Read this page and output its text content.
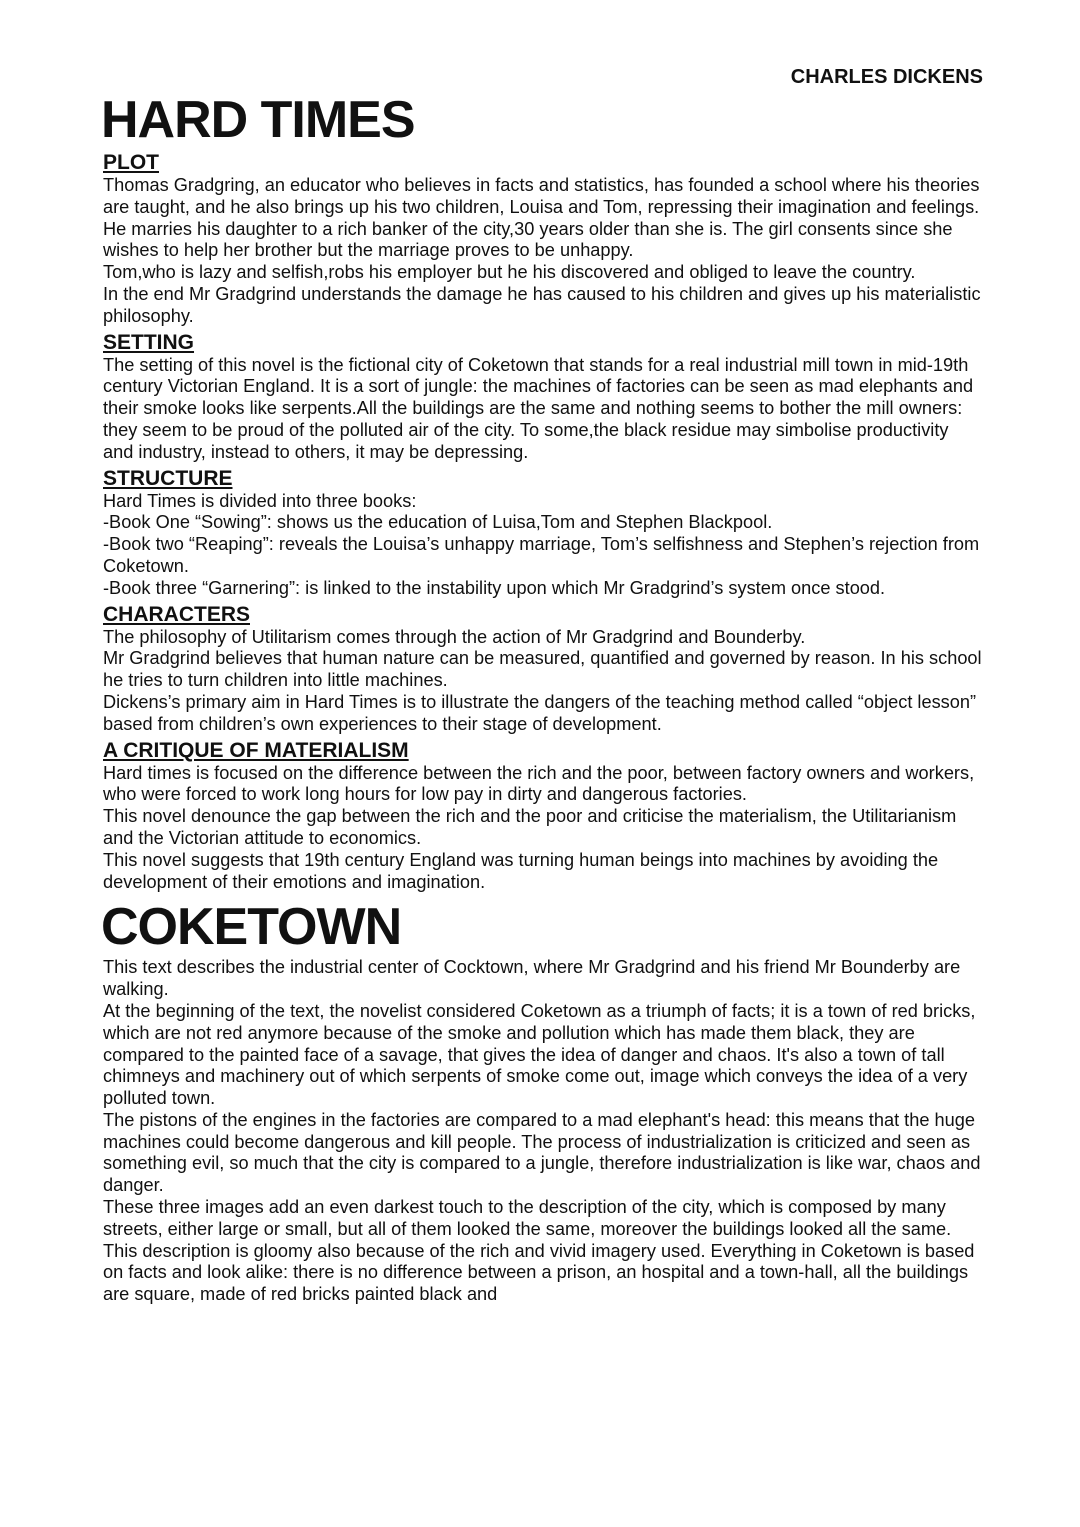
CHARLES DICKENS

HARD TIMES
PLOT

Thomas Gradgring, an educator who believes in facts and statistics, has founded a school where his theories are taught, and he also brings up his two children, Louisa and Tom, repressing their imagination and feelings. He marries his daughter to a rich banker of the city,30 years older than she is. The girl consents since she wishes to help her brother but the marriage proves to be unhappy.

Tom,who is lazy and selfish,robs his employer but he his discovered and obliged to leave the country.

In the end Mr Gradgrind understands the damage he has caused to his children and gives up his materialistic philosophy.

SETTING

The setting of this novel is the fictional city of Coketown that stands for a real industrial mill town in mid-19th century Victorian England. It is a sort of jungle: the machines of factories can be seen as mad elephants and their smoke looks like serpents.All the buildings are the same and nothing seems to bother the mill owners: they seem to be proud of the polluted air of the city. To some,the black residue may simbolise productivity and industry, instead to others, it may be depressing.

STRUCTURE

Hard Times is divided into three books:

-Book One “Sowing”: shows us the education of Luisa,Tom and Stephen Blackpool.

-Book two “Reaping”: reveals the Louisa’s unhappy marriage, Tom’s selfishness and Stephen’s rejection from Coketown.

-Book three “Garnering”: is linked to the instability upon which Mr Gradgrind’s system once stood.

CHARACTERS

The philosophy of Utilitarism comes through the action of Mr Gradgrind and Bounderby.

Mr Gradgrind believes that human nature can be measured, quantified and governed by reason. In his school he tries to turn children into little machines.

Dickens’s primary aim in Hard Times is to illustrate the dangers of the teaching method called “object lesson” based from children’s own experiences to their stage of development.

A CRITIQUE OF MATERIALISM

Hard times is focused on the difference between the rich and the poor, between factory owners and workers, who were forced to work long hours for low pay in dirty and dangerous factories.

This novel denounce the gap between the rich and the poor and criticise the materialism, the Utilitarianism and the Victorian attitude to economics.

This novel suggests that 19th century England was turning human beings into machines by avoiding the development of their emotions and imagination.

COKETOWN

This text describes the industrial center of Cocktown, where Mr Gradgrind and his friend Mr Bounderby are walking.

At the beginning of the text, the novelist considered Coketown as a triumph of facts; it is a town of red bricks, which are not red anymore because of the smoke and pollution which has made them black, they are compared to the painted face of a savage, that gives the idea of danger and chaos. It's also a town of tall chimneys and machinery out of which serpents of smoke come out, image which conveys the idea of a very polluted town.

The pistons of the engines in the factories are compared to a mad elephant's head: this means that the huge machines could become dangerous and kill people. The process of industrialization is criticized and seen as something evil, so much that the city is compared to a jungle, therefore industrialization is like war, chaos and danger.

These three images add an even darkest touch to the description of the city, which is composed by many streets, either large or small, but all of them looked the same, moreover the buildings looked all the same. This description is gloomy also because of the rich and vivid imagery used. Everything in Coketown is based on facts and look alike: there is no difference between a prison, an hospital and a town-hall, all the buildings are square, made of red bricks painted black and
